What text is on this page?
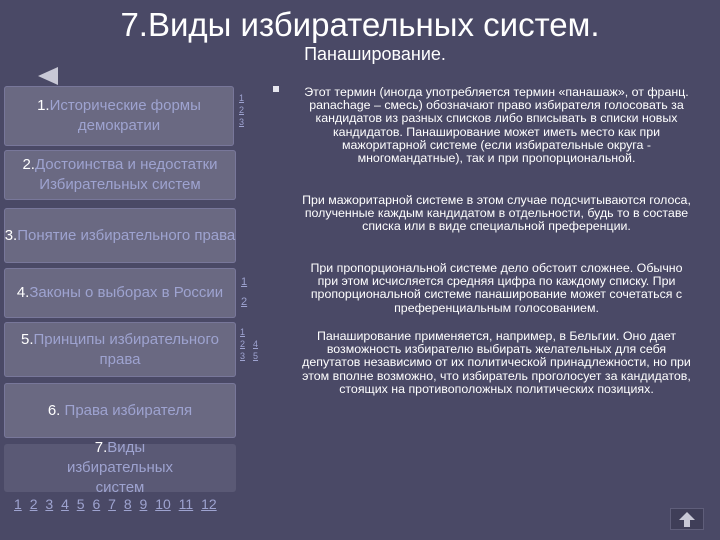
7.Виды избирательных систем.
Панаширование.
1.Исторические формы демократии
1
2
3
2.Достоинства и недостатки Избирательных систем
3.Понятие избирательного права
4.Законы о выборах в России
1
2
5.Принципы избирательного права
1
2
3
4
5
6. Права избирателя
7.Виды избирательных систем
1 2 3 4 5 6 7 8 9 10 11 12
Этот термин (иногда употребляется термин «панашаж», от франц. panachage – смесь) обозначают право избирателя голосовать за кандидатов из разных списков либо вписывать в списки новых кандидатов. Панаширование может иметь место как при мажоритарной системе (если избирательные округа - многомандатные), так и при пропорциональной.
При мажоритарной системе в этом случае подсчитываются голоса, полученные каждым кандидатом в отдельности, будь то в составе списка или в виде специальной преференции.
При пропорциональной системе дело обстоит сложнее. Обычно при этом исчисляется средняя цифра по каждому списку. При пропорциональной системе панаширование может сочетаться с преференциальным голосованием.
Панаширование применяется, например, в Бельгии. Оно дает возможность избирателю выбирать желательных для себя депутатов независимо от их политической принадлежности, но при этом вполне возможно, что избиратель проголосует за кандидатов, стоящих на противоположных политических позициях.
